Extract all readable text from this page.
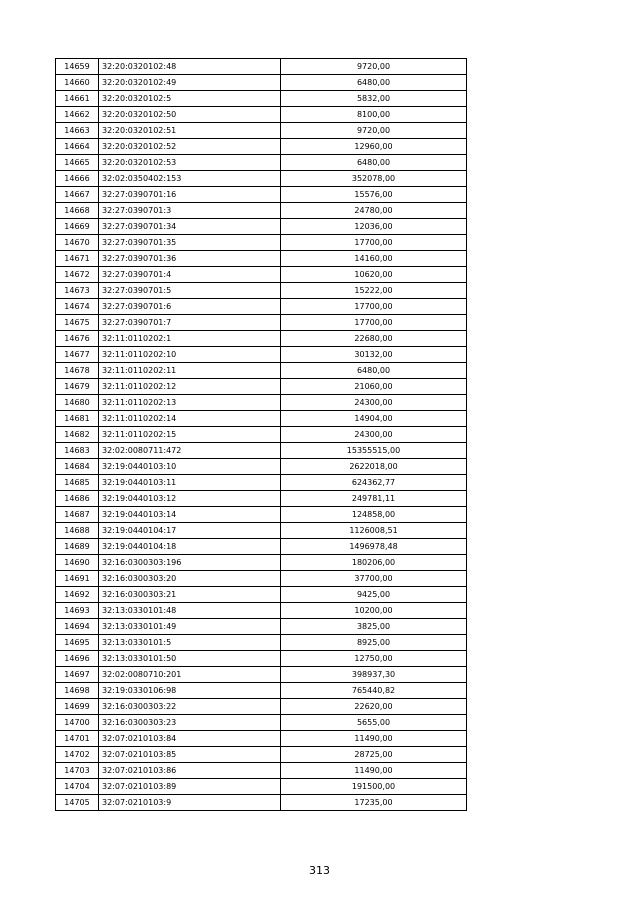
14659	32:20:0320102:48	9720,00
14660	32:20:0320102:49	6480,00
14661	32:20:0320102:5	5832,00
14662	32:20:0320102:50	8100,00
14663	32:20:0320102:51	9720,00
14664	32:20:0320102:52	12960,00
14665	32:20:0320102:53	6480,00
14666	32:02:0350402:153	352078,00
14667	32:27:0390701:16	15576,00
14668	32:27:0390701:3	24780,00
14669	32:27:0390701:34	12036,00
14670	32:27:0390701:35	17700,00
14671	32:27:0390701:36	14160,00
14672	32:27:0390701:4	10620,00
14673	32:27:0390701:5	15222,00
14674	32:27:0390701:6	17700,00
14675	32:27:0390701:7	17700,00
14676	32:11:0110202:1	22680,00
14677	32:11:0110202:10	30132,00
14678	32:11:0110202:11	6480,00
14679	32:11:0110202:12	21060,00
14680	32:11:0110202:13	24300,00
14681	32:11:0110202:14	14904,00
14682	32:11:0110202:15	24300,00
14683	32:02:0080711:472	15355515,00
14684	32:19:0440103:10	2622018,00
14685	32:19:0440103:11	624362,77
14686	32:19:0440103:12	249781,11
14687	32:19:0440103:14	124858,00
14688	32:19:0440104:17	1126008,51
14689	32:19:0440104:18	1496978,48
14690	32:16:0300303:196	180206,00
14691	32:16:0300303:20	37700,00
14692	32:16:0300303:21	9425,00
14693	32:13:0330101:48	10200,00
14694	32:13:0330101:49	3825,00
14695	32:13:0330101:5	8925,00
14696	32:13:0330101:50	12750,00
14697	32:02:0080710:201	398937,30
14698	32:19:0330106:98	765440,82
14699	32:16:0300303:22	22620,00
14700	32:16:0300303:23	5655,00
14701	32:07:0210103:84	11490,00
14702	32:07:0210103:85	28725,00
14703	32:07:0210103:86	11490,00
14704	32:07:0210103:89	191500,00
14705	32:07:0210103:9	17235,00
313
